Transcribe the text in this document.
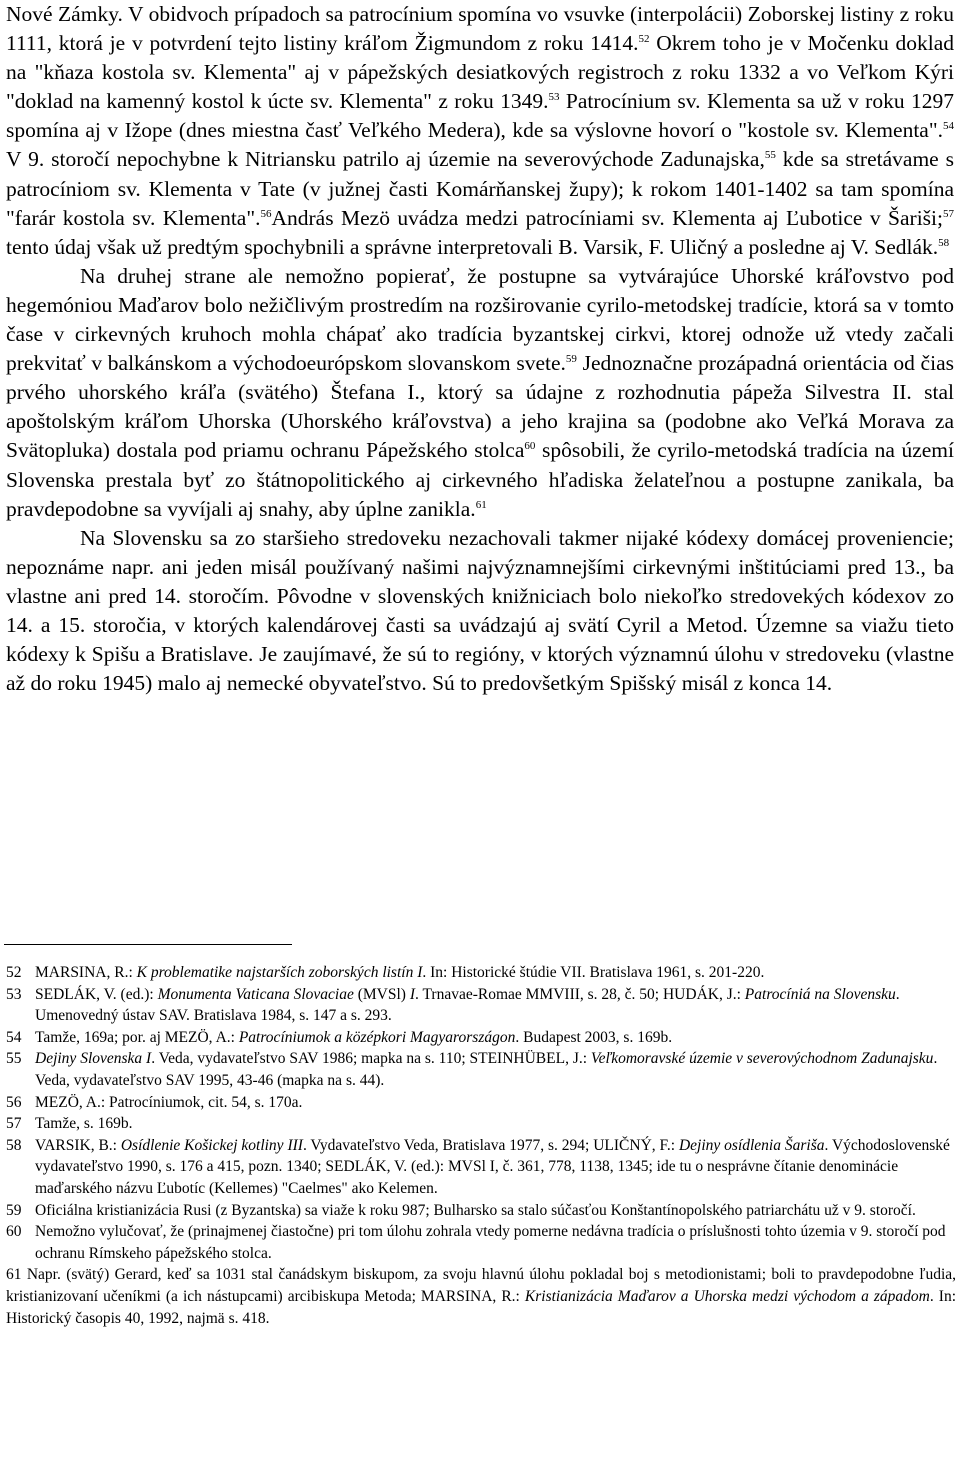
Nové Zámky. V obidvoch prípadoch sa patrocínium spomína vo vsuvke (interpolácii) Zoborskej listiny z roku 1111, ktorá je v potvrdení tejto listiny kráľom Žigmundom z roku 1414.52 Okrem toho je v Močenku doklad na "kňaza kostola sv. Klementa" aj v pápežských desiatkových registroch z roku 1332 a vo Veľkom Kýri "doklad na kamenný kostol k úcte sv. Klementa" z roku 1349.53 Patrocínium sv. Klementa sa už v roku 1297 spomína aj v Ižope (dnes miestna časť Veľkého Medera), kde sa výslovne hovorí o "kostole sv. Klementa".$^{54}$ V 9. storočí nepochybne k Nitriansku patrilo aj územie na severovýchode Zadunajska,$^{55}$ kde sa stretávame s patrocíniom sv. Klementa v Tate (v južnej časti Komárňanskej župy); k rokom 1401-1402 sa tam spomína "farár kostola sv. Klementa".$^{56}$András Mezö uvádza medzi patrocíniami sv. Klementa aj Ľubotice v Šariši;$^{57}$ tento údaj však už predtým spochybnili a správne interpretovali B. Varsik, F. Uličný a posledne aj V. Sedlák.$^{58}$

Na druhej strane ale nemožno popierať, že postupne sa vytvárajúce Uhorské kráľovstvo pod hegemóniou Maďarov bolo nežičlivým prostredím na rozširovanie cyrilo-metodskej tradície, ktorá sa v tomto čase v cirkevných kruhoch mohla chápať ako tradícia byzantskej cirkvi, ktorej odnože už vtedy začali prekvitať v balkánskom a východoeurópskom slovanskom svete.$^{59}$ Jednoznačne prozápadná orientácia od čias prvého uhorského kráľa (svätého) Štefana I., ktorý sa údajne z rozhodnutia pápeža Silvestra II. stal apoštolským kráľom Uhorska (Uhorského kráľovstva) a jeho krajina sa (podobne ako Veľká Morava za Svätopluka) dostala pod priamu ochranu Pápežského stolca$^{60}$ spôsobili, že cyrilo-metodská tradícia na území Slovenska prestala byť zo štátnopolitického aj cirkevného hľadiska želateľnou a postupne zanikala, ba pravdepodobne sa vyvíjali aj snahy, aby úplne zanikla.$^{61}$

Na Slovensku sa zo staršieho stredoveku nezachovali takmer nijaké kódexy domácej proveniencie; nepoznáme napr. ani jeden misál používaný našimi najvýznamnejšími cirkevnými inštitúciami pred 13., ba vlastne ani pred 14. storočím. Pôvodne v slovenských knižniciach bolo niekoľko stredovekých kódexov zo 14. a 15. storočia, v ktorých kalendárovej časti sa uvádzajú aj svätí Cyril a Metod. Územne sa viažu tieto kódexy k Spišu a Bratislave. Je zaujímavé, že sú to regióny, v ktorých významnú úlohu v stredoveku (vlastne až do roku 1945) malo aj nemecké obyvateľstvo. Sú to predovšetkým Spišský misál z konca 14.

52 MARSINA, R.: K problematike najstarších zoborských listín I. In: Historické štúdie VII. Bratislava 1961, s. 201-220.
53 SEDLÁK, V. (ed.): Monumenta Vaticana Slovaciae (MVSl) I. Trnavae-Romae MMVIII, s. 28, č. 50; HUDÁK, J.: Patrocíniá na Slovensku. Umenovedný ústav SAV. Bratislava 1984, s. 147 a s. 293.
54 Tamže, 169a; por. aj MEZÖ, A.: Patrocíniumok a középkori Magyarországon. Budapest 2003, s. 169b.
55 Dejiny Slovenska I. Veda, vydavateľstvo SAV 1986; mapka na s. 110; STEINHÜBEL, J.: Veľkomoravské územie v severovýchodnom Zadunajsku. Veda, vydavateľstvo SAV 1995, 43-46 (mapka na s. 44).
56 MEZÖ, A.: Patrocíniumok, cit. 54, s. 170a.
57 Tamže, s. 169b.
58 VARSIK, B.: Osídlenie Košickej kotliny III. Vydavateľstvo Veda, Bratislava 1977, s. 294; ULIČNÝ, F.: Dejiny osídlenia Šariša. Východoslovenské vydavateľstvo 1990, s. 176 a 415, pozn. 1340; SEDLÁK, V. (ed.): MVSl I, č. 361, 778, 1138, 1345; ide tu o nesprávne čítanie denominácie maďarského názvu Ľubotíc (Kellemes) "Caelmes" ako Kelemen.
59 Oficiálna kristianizácia Rusi (z Byzantska) sa viaže k roku 987; Bulharsko sa stalo súčasťou Konštantínopolského patriarchátu už v 9. storočí.
60 Nemožno vylučovať, že (prinajmenej čiastočne) pri tom úlohu zohrala vtedy pomerne nedávna tradícia o príslušnosti tohto územia v 9. storočí pod ochranu Rímskeho pápežského stolca.
61 Napr. (svätý) Gerard, keď sa 1031 stal čanádskym biskupom, za svoju hlavnú úlohu pokladal boj s metodionistami; boli to pravdepodobne ľudia, kristianizovaní učeníkmi (a ich nástupcami) arcibiskupa Metoda; MARSINA, R.: Kristianizácia Maďarov a Uhorska medzi východom a západom. In: Historický časopis 40, 1992, najmä s. 418.
